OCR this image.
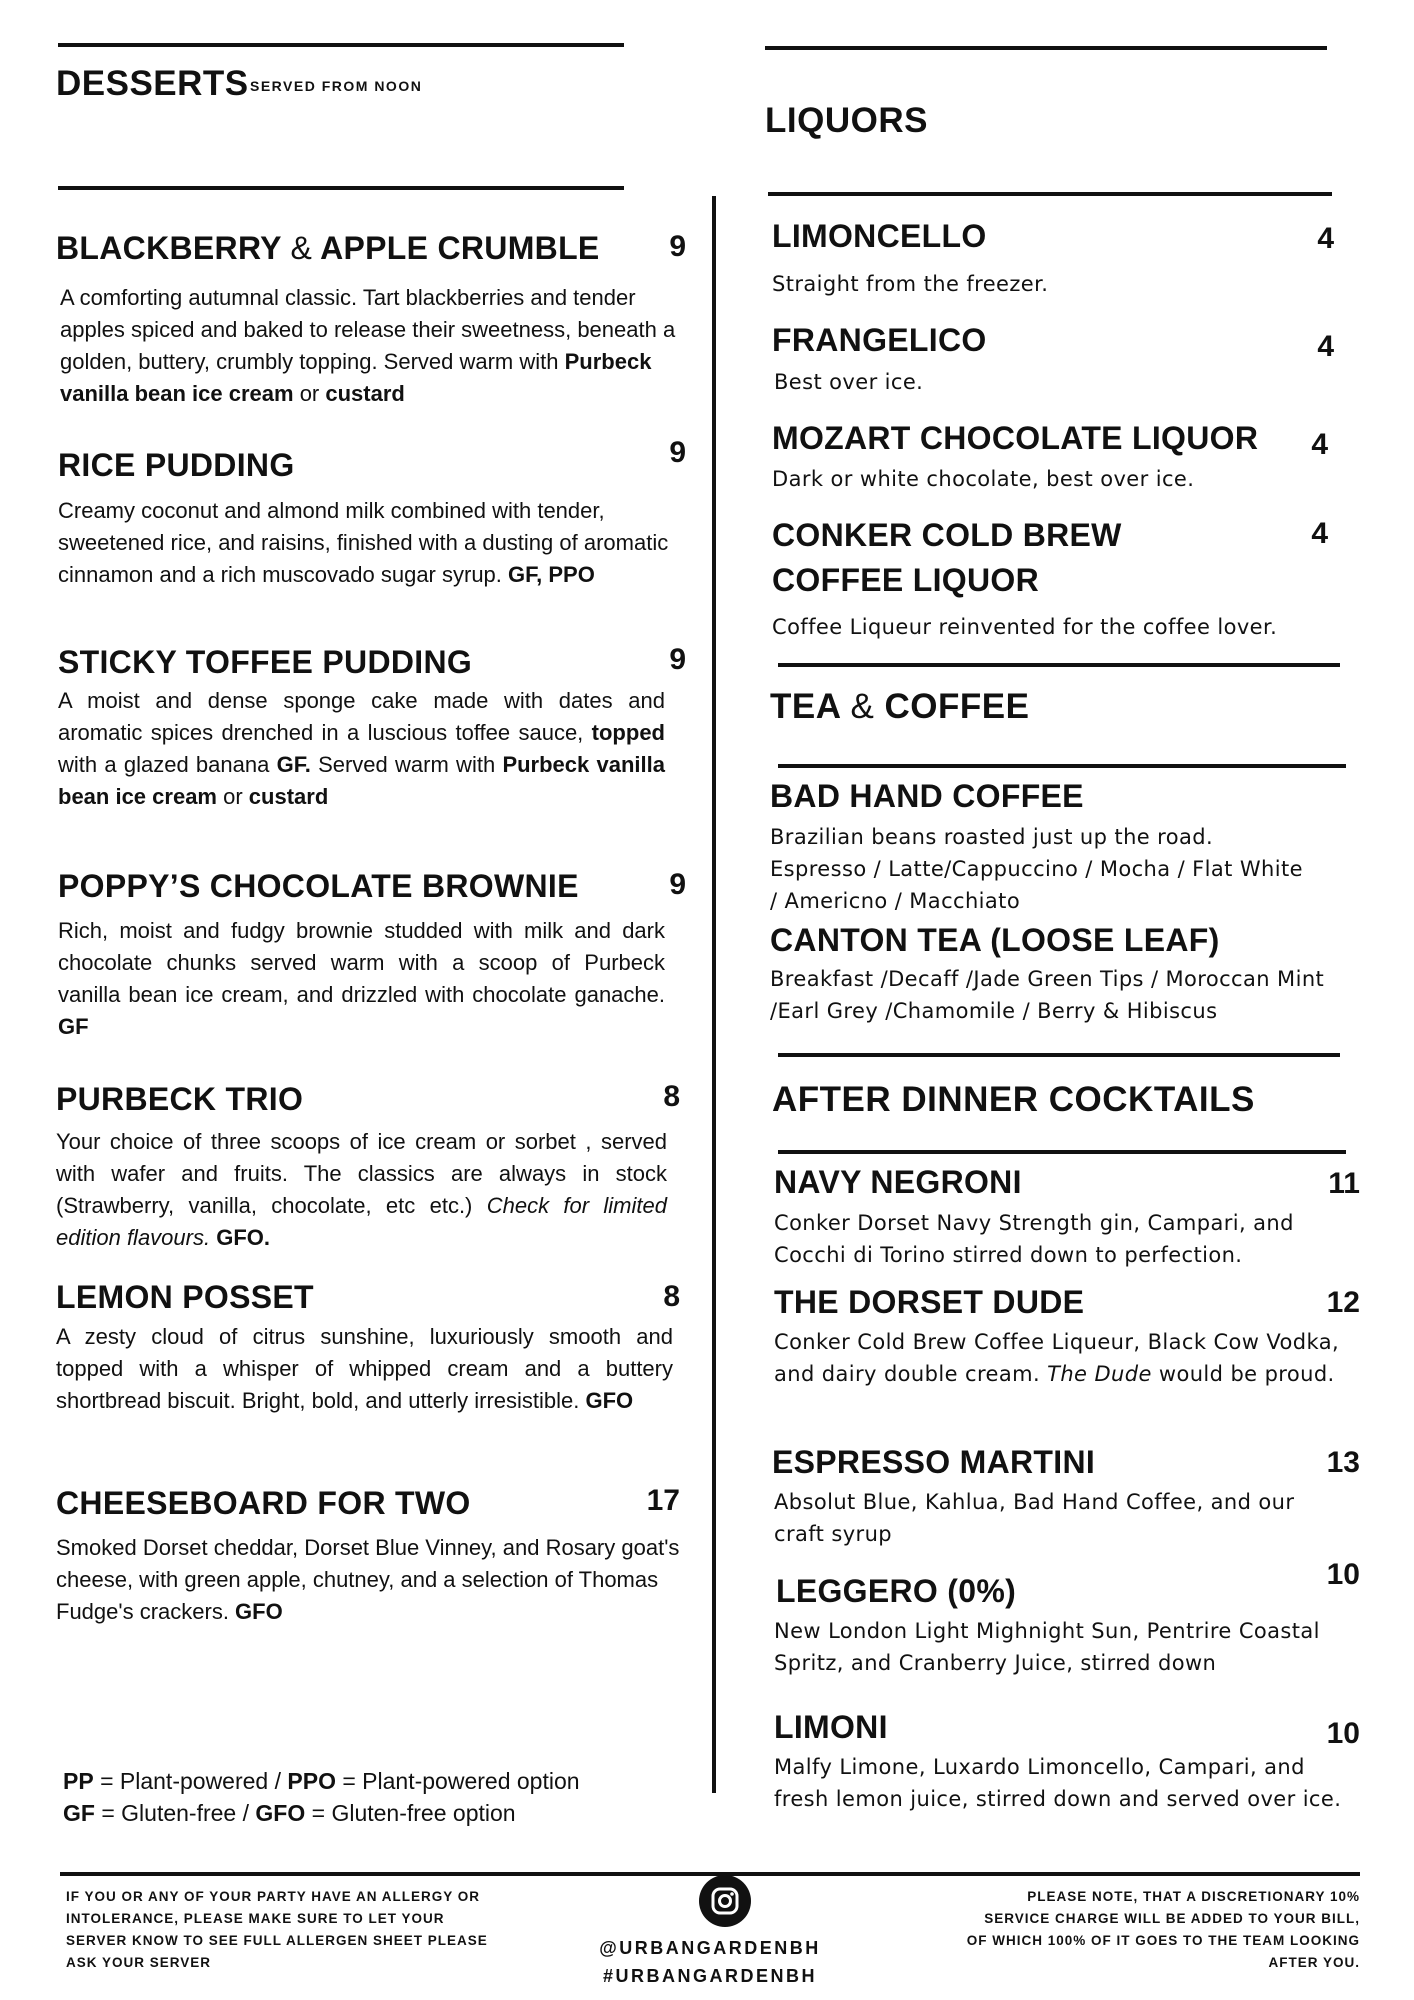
DESSERTS SERVED FROM NOON
BLACKBERRY & APPLE CRUMBLE	9
A comforting autumnal classic. Tart blackberries and tender apples spiced and baked to release their sweetness, beneath a golden, buttery, crumbly topping. Served warm with Purbeck vanilla bean ice cream or custard
RICE PUDDING	9
Creamy coconut and almond milk combined with tender, sweetened rice, and raisins, finished with a dusting of aromatic cinnamon and a rich muscovado sugar syrup. GF, PPO
STICKY TOFFEE PUDDING	9
A moist and dense sponge cake made with dates and aromatic spices drenched in a luscious toffee sauce, topped with a glazed banana GF. Served warm with Purbeck vanilla bean ice cream or custard
POPPY’S CHOCOLATE BROWNIE	9
Rich, moist and fudgy brownie studded with milk and dark chocolate chunks served warm with a scoop of Purbeck vanilla bean ice cream, and drizzled with chocolate ganache. GF
PURBECK TRIO	8
Your choice of three scoops of ice cream or sorbet , served with wafer and fruits. The classics are always in stock (Strawberry, vanilla, chocolate, etc etc.) Check for limited edition flavours. GFO.
LEMON POSSET	8
A zesty cloud of citrus sunshine, luxuriously smooth and topped with a whisper of whipped cream and a buttery shortbread biscuit. Bright, bold, and utterly irresistible. GFO
CHEESEBOARD FOR TWO	17
Smoked Dorset cheddar, Dorset Blue Vinney, and Rosary goat's cheese, with green apple, chutney, and a selection of Thomas Fudge's crackers. GFO
PP = Plant-powered / PPO = Plant-powered option
GF = Gluten-free / GFO = Gluten-free option
LIQUORS
LIMONCELLO	4
Straight from the freezer.
FRANGELICO	4
Best over ice.
MOZART CHOCOLATE LIQUOR	4
Dark or white chocolate, best over ice.
CONKER COLD BREW COFFEE LIQUOR
4
Coffee Liqueur reinvented for the coffee lover.
TEA & COFFEE
BAD HAND COFFEE
Brazilian beans roasted just up the road. Espresso / Latte/Cappuccino / Mocha / Flat White / Americno / Macchiato
CANTON TEA (LOOSE LEAF)
Breakfast /Decaff /Jade Green Tips / Moroccan Mint /Earl Grey /Chamomile / Berry & Hibiscus
AFTER DINNER COCKTAILS
NAVY NEGRONI	11
Conker Dorset Navy Strength gin, Campari, and Cocchi di Torino stirred down to perfection.
THE DORSET DUDE	12
Conker Cold Brew Coffee Liqueur, Black Cow Vodka, and dairy double cream. The Dude would be proud.
ESPRESSO MARTINI	13
Absolut Blue, Kahlua, Bad Hand Coffee, and our craft syrup
LEGGERO (0%)	10
New London Light Mighnight Sun, Pentrire Coastal Spritz, and Cranberry Juice, stirred down
LIMONI	10
Malfy Limone, Luxardo Limoncello, Campari, and fresh lemon juice, stirred down and served over ice.
IF YOU OR ANY OF YOUR PARTY HAVE AN ALLERGY OR INTOLERANCE, PLEASE MAKE SURE TO LET YOUR SERVER KNOW TO SEE FULL ALLERGEN SHEET PLEASE ASK YOUR SERVER
@URBANGARDENBH
#URBANGARDENBH
PLEASE NOTE, THAT A DISCRETIONARY 10% SERVICE CHARGE WILL BE ADDED TO YOUR BILL, OF WHICH 100% OF IT GOES TO THE TEAM LOOKING AFTER YOU.
